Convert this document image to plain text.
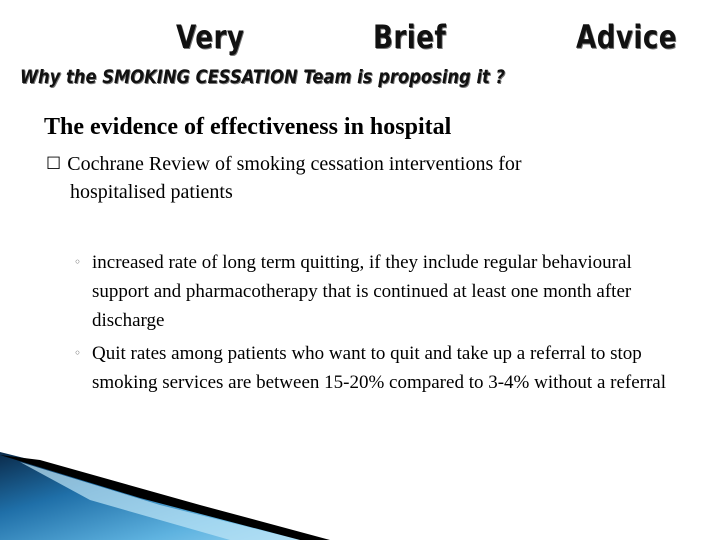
Very	Brief	Advice
Why the SMOKING CESSATION Team is proposing it ?
The evidence of effectiveness in hospital
☐ Cochrane Review of smoking cessation interventions for
hospitalised patients
◦ increased rate of long term quitting, if they include regular behavioural support and pharmacotherapy that is continued at least one month after discharge
◦ Quit rates among patients who want to quit and take up a referral to stop smoking services are between 15-20% compared to 3-4% without a referral
